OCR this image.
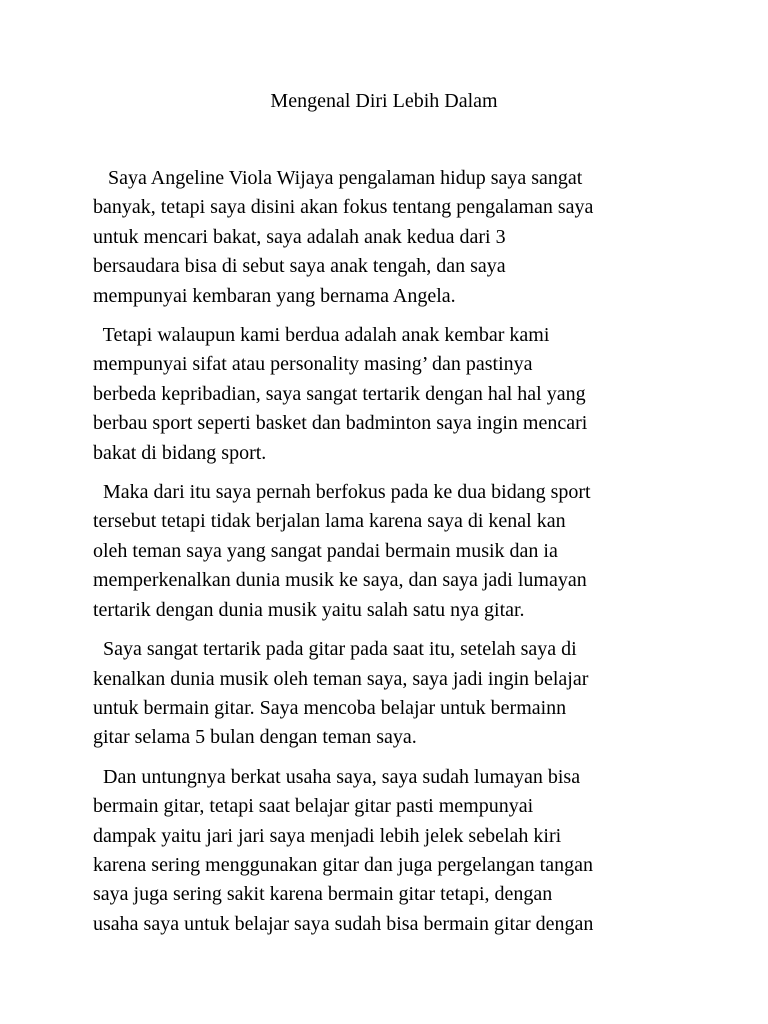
Mengenal Diri Lebih Dalam

Saya Angeline Viola Wijaya pengalaman hidup saya sangat
banyak, tetapi saya disini akan fokus tentang pengalaman saya
untuk mencari bakat, saya adalah anak kedua dari 3
bersaudara bisa di sebut saya anak tengah, dan saya
mempunyai kembaran yang bernama Angela.

Tetapi walaupun kami berdua adalah anak kembar kami
mempunyai sifat atau personality masing’ dan pastinya
berbeda kepribadian, saya sangat tertarik dengan hal hal yang
berbau sport seperti basket dan badminton saya ingin mencari
bakat di bidang sport.

Maka dari itu saya pernah berfokus pada ke dua bidang sport
tersebut tetapi tidak berjalan lama karena saya di kenal kan
oleh teman saya yang sangat pandai bermain musik dan ia
memperkenalkan dunia musik ke saya, dan saya jadi lumayan
tertarik dengan dunia musik yaitu salah satu nya gitar.

Saya sangat tertarik pada gitar pada saat itu, setelah saya di
kenalkan dunia musik oleh teman saya, saya jadi ingin belajar
untuk bermain gitar. Saya mencoba belajar untuk bermainn
gitar selama 5 bulan dengan teman saya.

Dan untungnya berkat usaha saya, saya sudah lumayan bisa
bermain gitar, tetapi saat belajar gitar pasti mempunyai
dampak yaitu jari jari saya menjadi lebih jelek sebelah kiri
karena sering menggunakan gitar dan juga pergelangan tangan
saya juga sering sakit karena bermain gitar tetapi, dengan
usaha saya untuk belajar saya sudah bisa bermain gitar dengan
